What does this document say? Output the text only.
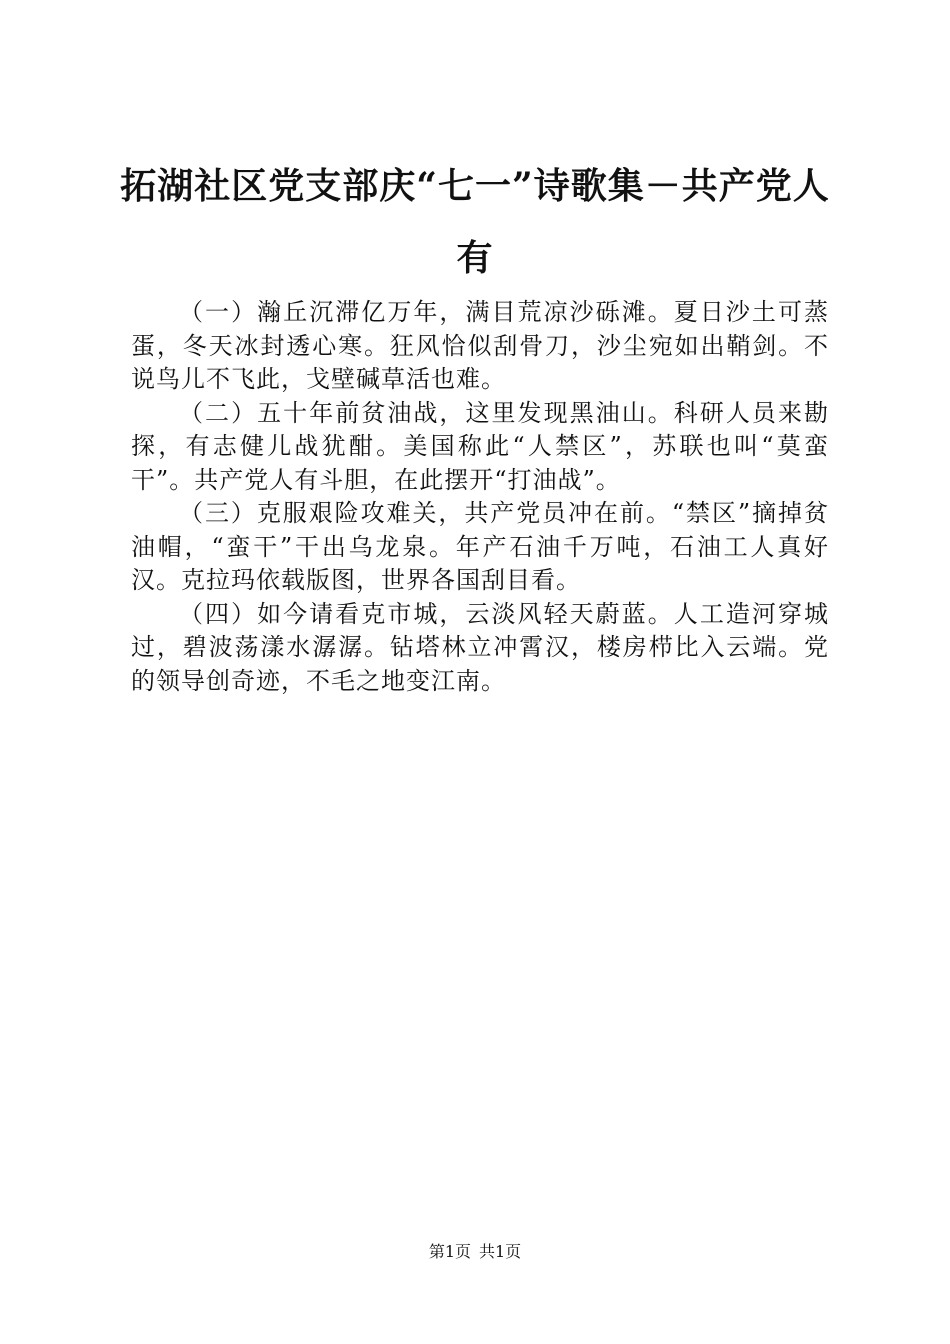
拓湖社区党支部庆“七一”诗歌集－共产党人有

（一）瀚丘沉滞亿万年，满目荒凉沙砾滩。夏日沙土可蒸蛋，冬天冰封透心寒。狂风恰似刮骨刀，沙尘宛如出鞘剑。不说鸟儿不飞此，戈壁碱草活也难。

（二）五十年前贫油战，这里发现黑油山。科研人员来勘探，有志健儿战犹酣。美国称此“人禁区”，苏联也叫“莫蛮干”。共产党人有斗胆，在此摆开“打油战”。

（三）克服艰险攻难关，共产党员冲在前。“禁区”摘掉贫油帽，“蛮干”干出乌龙泉。年产石油千万吨，石油工人真好汉。克拉玛依载版图，世界各国刮目看。

（四）如今请看克市城，云淡风轻天蔚蓝。人工造河穿城过，碧波荡漾水潺潺。钻塔林立冲霄汉，楼房栉比入云端。党的领导创奇迹，不毛之地变江南。

第1页 共1页
